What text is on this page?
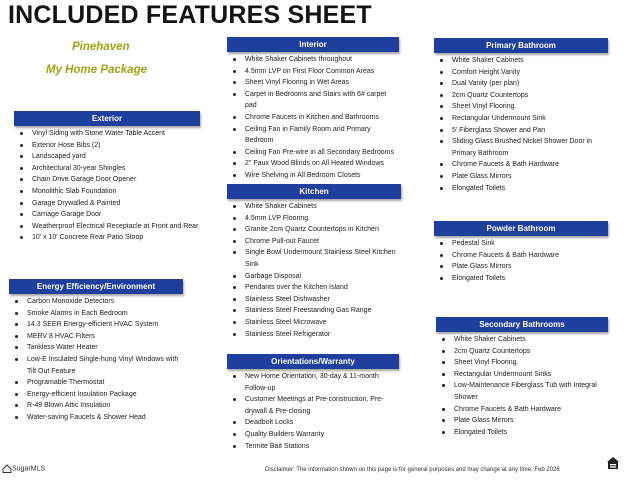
INCLUDED FEATURES SHEET
Pinehaven
My Home Package
Exterior
Vinyl Siding with Stone Water Table Accent
Exterior Hose Bibs (2)
Landscaped yard
Architectural 30-year Shingles
Chain Drive Garage Door Opener
Monolithic Slab Foundation
Garage Drywalled & Painted
Carriage Garage Door
Weatherproof Electrical Receptacle at Front and Rear
10' x 10' Concrete Rear Patio Stoop
Energy Efficiency/Environment
Carbon Monoxide Detectors
Smoke Alarms in Each Bedroom
14.3 SEER Energy-efficient HVAC System
MERV 8 HVAC Filters
Tankless Water Heater
Low-E Insulated Single-hung Vinyl Windows with Tilt Out Feature
Programable Thermostat
Energy-efficient Insulation Package
R-49 Blown Attic Insulation
Water-saving Faucets & Shower Head
Interior
White Shaker Cabinets throughout
4.5mm LVP on First Floor Common Areas
Sheet Vinyl Flooring in Wet Areas
Carpet in Bedrooms and Stairs with 6# carpet pad
Chrome Faucets in Kitchen and Bathrooms
Ceiling Fan in Family Room and Primary Bedroom
Ceiling Fan Pre-wire in all Secondary Bedrooms
2" Faux Wood Blinds on All Heated Windows
Wire Shelving in All Bedroom Closets
Kitchen
White Shaker Cabinets
4.5mm LVP Flooring
Granite 2cm Quartz Countertops in Kitchen
Chrome Pull-out Faucet
Single Bowl Undermount Stainless Steel Kitchen Sink
Garbage Disposal
Pendants over the Kitchen Island
Stainless Steel Dishwasher
Stainless Steel Freestanding Gas Range
Stainless Steel Microwave
Stainless Steel Refrigerator
Orientations/Warranty
New Home Orientation, 30-day & 11-month Follow-up
Customer Meetings at Pre-construction, Pre-drywall & Pre-closing
Deadbolt Locks
Quality Builders Warranty
Termite Bait Stations
Primary Bathroom
White Shaker Cabinets
Comfort Height Vanity
Dual Vanity (per plan)
2cm Quartz Countertops
Sheet Vinyl Flooring
Rectangular Undermount Sink
5' Fiberglass Shower and Pan
Sliding Glass Brushed Nickel Shower Door in Primary Bathroom
Chrome Faucets & Bath Hardware
Plate Glass Mirrors
Elongated Toilets
Powder Bathroom
Pedestal Sink
Chrome Faucets & Bath Hardware
Plate Glass Mirrors
Elongated Toilets
Secondary Bathrooms
White Shaker Cabinets
2cm Quartz Countertops
Sheet Vinyl Flooring
Rectangular Undermount Sinks
Low-Maintenance Fiberglass Tub with Integral Shower
Chrome Faucets & Bath Hardware
Plate Glass Mirrors
Elongated Toilets
SugarMLS	Disclaimer: The information shown on this page is for general purposes and may change at any time. Feb 2026
